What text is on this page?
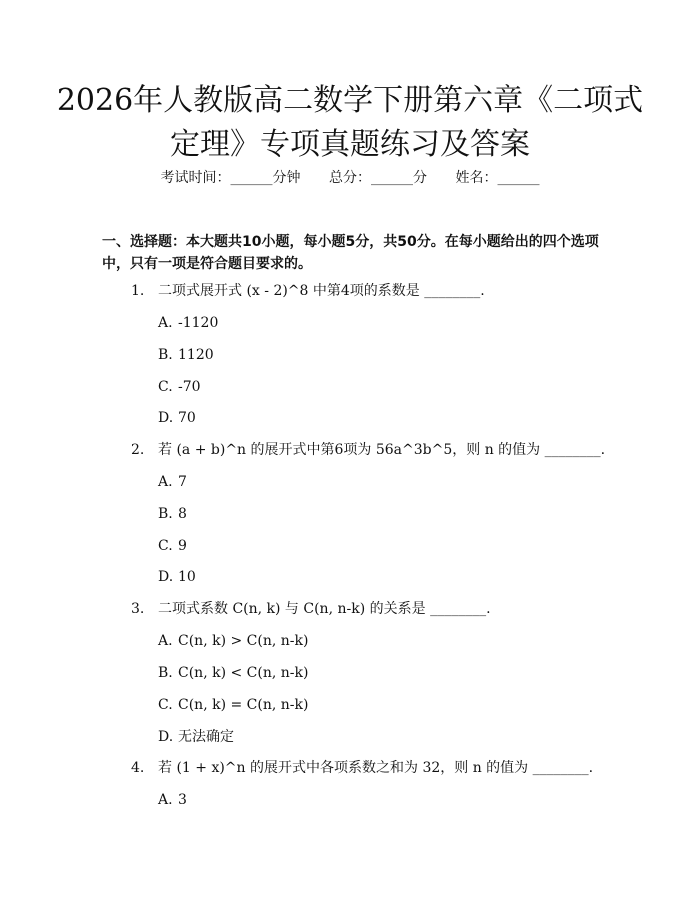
2026年人教版高二数学下册第六章《二项式
定理》专项真题练习及答案
考试时间：______分钟 总分：______分 姓名：______
一、选择题：本大题共10小题，每小题5分，共50分。在每小题给出的四个选项中，只有一项是符合题目要求的。
1. 二项式展开式 (x - 2)^8 中第4项的系数是 ________.
A. -1120
B. 1120
C. -70
D. 70
2. 若 (a + b)^n 的展开式中第6项为 56a^3b^5，则 n 的值为 ________.
A. 7
B. 8
C. 9
D. 10
3. 二项式系数 C(n, k) 与 C(n, n-k) 的关系是 ________.
A. C(n, k) > C(n, n-k)
B. C(n, k) < C(n, n-k)
C. C(n, k) = C(n, n-k)
D. 无法确定
4. 若 (1 + x)^n 的展开式中各项系数之和为 32，则 n 的值为 ________.
A. 3
